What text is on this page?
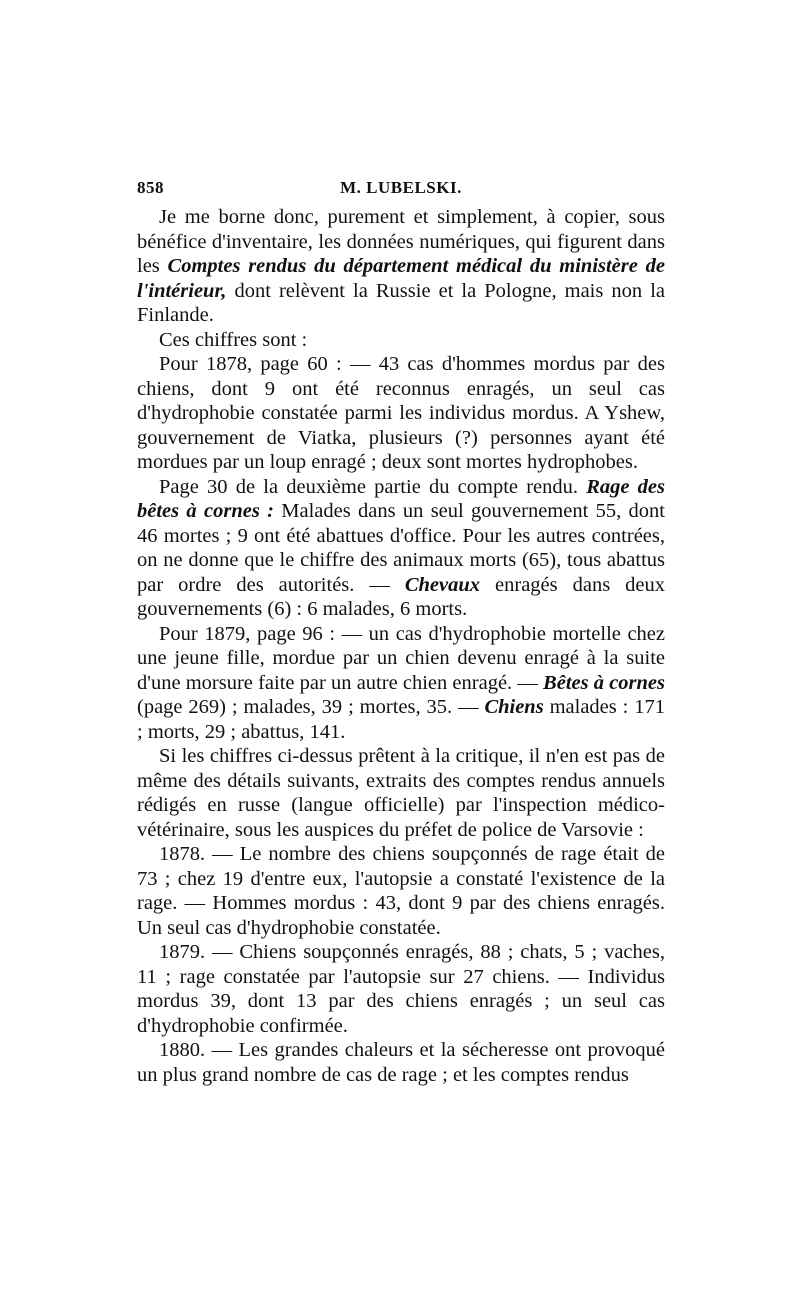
858	M. LUBELSKI.

Je me borne donc, purement et simplement, à copier, sous bénéfice d'inventaire, les données numériques, qui figurent dans les Comptes rendus du département médical du ministère de l'intérieur, dont relèvent la Russie et la Pologne, mais non la Finlande.

Ces chiffres sont :

Pour 1878, page 60 : — 43 cas d'hommes mordus par des chiens, dont 9 ont été reconnus enragés, un seul cas d'hydrophobie constatée parmi les individus mordus. A Yshew, gouvernement de Viatka, plusieurs (?) personnes ayant été mordues par un loup enragé ; deux sont mortes hydrophobes.

Page 30 de la deuxième partie du compte rendu. Rage des bêtes à cornes : Malades dans un seul gouvernement 55, dont 46 mortes ; 9 ont été abattues d'office. Pour les autres contrées, on ne donne que le chiffre des animaux morts (65), tous abattus par ordre des autorités. — Chevaux enragés dans deux gouvernements (6) : 6 malades, 6 morts.

Pour 1879, page 96 : — un cas d'hydrophobie mortelle chez une jeune fille, mordue par un chien devenu enragé à la suite d'une morsure faite par un autre chien enragé. — Bêtes à cornes (page 269) ; malades, 39 ; mortes, 35. — Chiens malades : 171 ; morts, 29 ; abattus, 141.

Si les chiffres ci-dessus prêtent à la critique, il n'en est pas de même des détails suivants, extraits des comptes rendus annuels rédigés en russe (langue officielle) par l'inspection médico-vétérinaire, sous les auspices du préfet de police de Varsovie :

1878. — Le nombre des chiens soupçonnés de rage était de 73 ; chez 19 d'entre eux, l'autopsie a constaté l'existence de la rage. — Hommes mordus : 43, dont 9 par des chiens enragés. Un seul cas d'hydrophobie constatée.

1879. — Chiens soupçonnés enragés, 88 ; chats, 5 ; vaches, 11 ; rage constatée par l'autopsie sur 27 chiens. — Individus mordus 39, dont 13 par des chiens enragés ; un seul cas d'hydrophobie confirmée.

1880. — Les grandes chaleurs et la sécheresse ont provoqué un plus grand nombre de cas de rage ; et les comptes rendus
